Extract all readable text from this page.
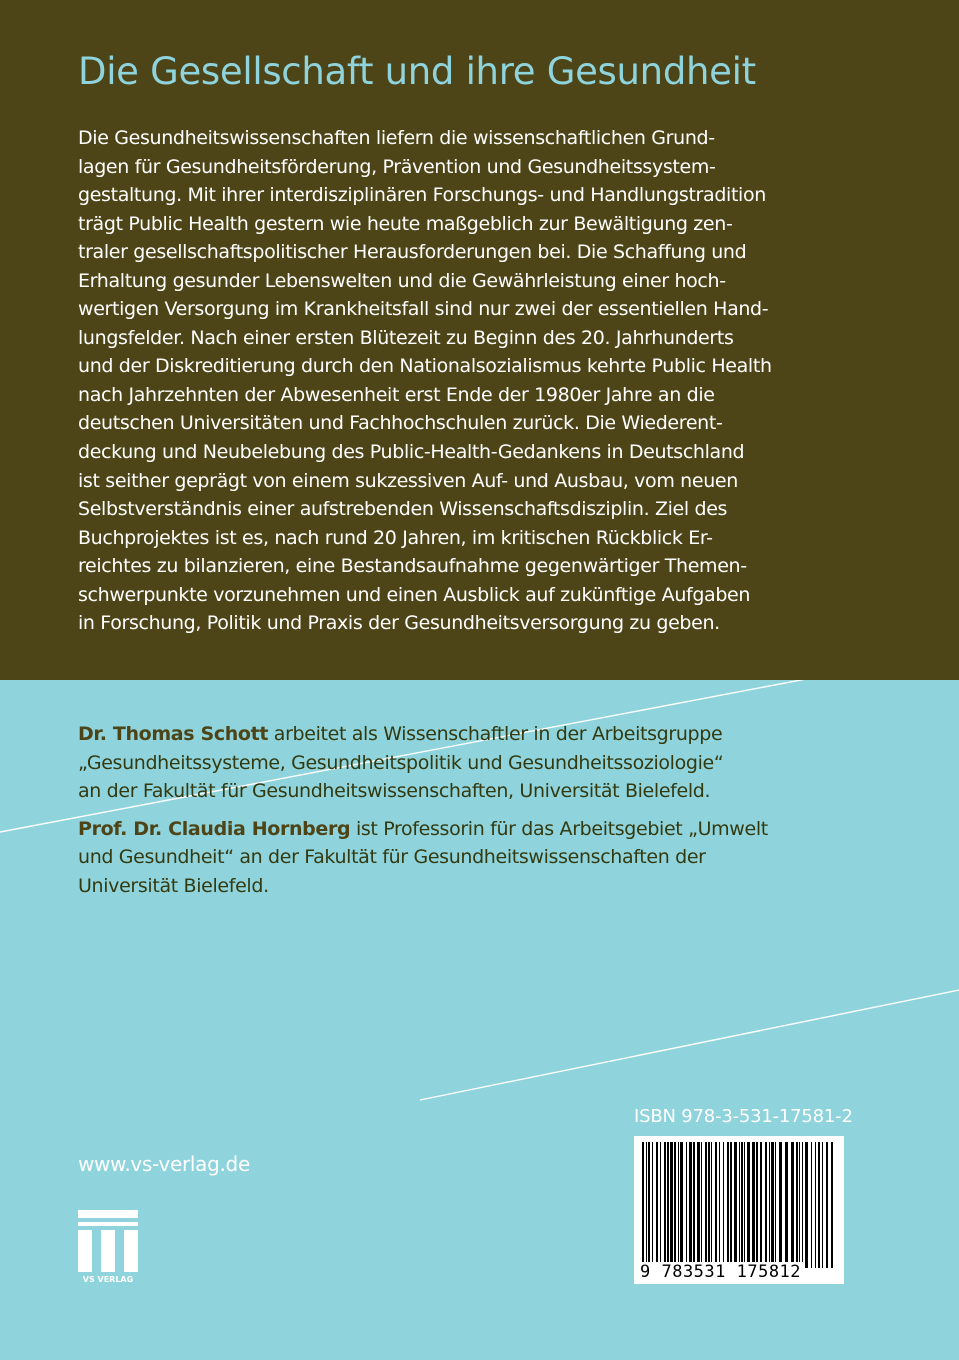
Die Gesellschaft und ihre Gesundheit
Die Gesundheitswissenschaften liefern die wissenschaftlichen Grund-
lagen für Gesundheitsförderung, Prävention und Gesundheitssystem-
gestaltung. Mit ihrer interdisziplinären Forschungs- und Handlungstradition
trägt Public Health gestern wie heute maßgeblich zur Bewältigung zen-
traler gesellschaftspolitischer Herausforderungen bei. Die Schaffung und
Erhaltung gesunder Lebenswelten und die Gewährleistung einer hoch-
wertigen Versorgung im Krankheitsfall sind nur zwei der essentiellen Hand-
lungsfelder. Nach einer ersten Blütezeit zu Beginn des 20. Jahrhunderts
und der Diskreditierung durch den Nationalsozialismus kehrte Public Health
nach Jahrzehnten der Abwesenheit erst Ende der 1980er Jahre an die
deutschen Universitäten und Fachhochschulen zurück. Die Wiederent-
deckung und Neubelebung des Public-Health-Gedankens in Deutschland
ist seither geprägt von einem sukzessiven Auf- und Ausbau, vom neuen
Selbstverständnis einer aufstrebenden Wissenschaftsdisziplin. Ziel des
Buchprojektes ist es, nach rund 20 Jahren, im kritischen Rückblick Er-
reichtes zu bilanzieren, eine Bestandsaufnahme gegenwärtiger Themen-
schwerpunkte vorzunehmen und einen Ausblick auf zukünftige Aufgaben
in Forschung, Politik und Praxis der Gesundheitsversorgung zu geben.
Dr. Thomas Schott arbeitet als Wissenschaftler in der Arbeitsgruppe
„Gesundheitssysteme, Gesundheitspolitik und Gesundheitssoziologie“
an der Fakultät für Gesundheitswissenschaften, Universität Bielefeld.
Prof. Dr. Claudia Hornberg ist Professorin für das Arbeitsgebiet „Umwelt
und Gesundheit“ an der Fakultät für Gesundheitswissenschaften der
Universität Bielefeld.
www.vs-verlag.de
VS VERLAG
ISBN 978-3-531-17581-2
9 783531 175812
